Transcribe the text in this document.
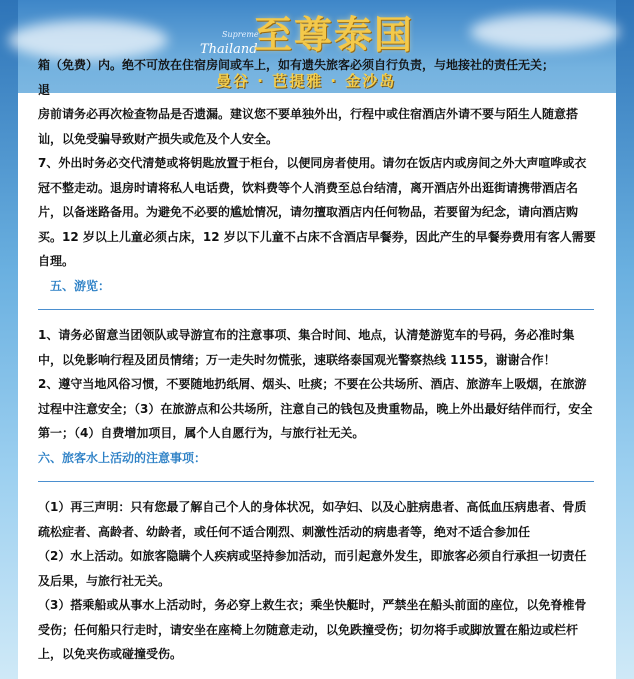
Supreme
Thailand
至尊泰国
曼谷 · 芭提雅 · 金沙岛

箱（免费）内。绝不可放在住宿房间或车上，如有遗失旅客必须自行负责，与地接社的责任无关；

退

房前请务必再次检查物品是否遗漏。建议您不要单独外出，行程中或住宿酒店外请不要与陌生人随意搭讪，以免受骗导致财产损失或危及个人安全。

7、外出时务必交代清楚或将钥匙放置于柜台，以便同房者使用。请勿在饭店内或房间之外大声喧哗或衣冠不整走动。退房时请将私人电话费，饮料费等个人消费至总台结清，离开酒店外出逛街请携带酒店名片，以备迷路备用。为避免不必要的尴尬情况，请勿擅取酒店内任何物品，若要留为纪念，请向酒店购买。12 岁以上儿童必须占床，12 岁以下儿童不占床不含酒店早餐券，因此产生的早餐券费用有客人需要自理。

五、游览：

1、请务必留意当团领队或导游宣布的注意事项、集合时间、地点，认清楚游览车的号码，务必准时集中，以免影响行程及团员情绪；万一走失时勿慌张，速联络泰国观光警察热线 1155，谢谢合作！

2、遵守当地风俗习惯，不要随地扔纸屑、烟头、吐痰；不要在公共场所、酒店、旅游车上吸烟，在旅游过程中注意安全；（3）在旅游点和公共场所，注意自己的钱包及贵重物品，晚上外出最好结伴而行，安全第一；（4）自费增加项目，属个人自愿行为，与旅行社无关。

六、旅客水上活动的注意事项：

（1）再三声明：只有您最了解自己个人的身体状况，如孕妇、以及心脏病患者、高低血压病患者、骨质疏松症者、高龄者、幼龄者，或任何不适合刚烈、刺激性活动的病患者等，绝对不适合参加任

（2）水上活动。如旅客隐瞒个人疾病或坚持参加活动，而引起意外发生，即旅客必须自行承担一切责任及后果，与旅行社无关。

（3）搭乘船或从事水上活动时，务必穿上救生衣；乘坐快艇时，严禁坐在船头前面的座位，以免脊椎骨受伤；任何船只行走时，请安坐在座椅上勿随意走动，以免跌撞受伤；切勿将手或脚放置在船边或栏杆上，以免夹伤或碰撞受伤。
